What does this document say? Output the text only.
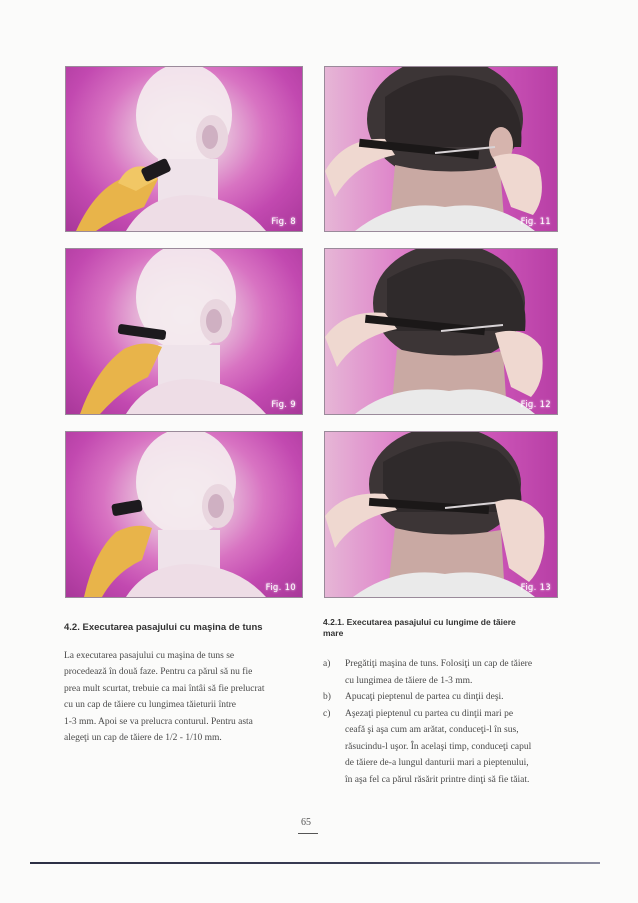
Fig. 8
Fig. 9
Fig. 10
Fig. 11
Fig. 12
Fig. 13
4.2. Executarea pasajului cu maşina de tuns
La executarea pasajului cu maşina de tuns se
procedează în două faze. Pentru ca părul să nu fie
prea mult scurtat, trebuie ca mai întâi să fie prelucrat
cu un cap de tăiere cu lungimea tăieturii între
1-3 mm. Apoi se va prelucra conturul. Pentru asta
alegeţi un cap de tăiere de 1/2 - 1/10 mm.
4.2.1. Executarea pasajului cu lungime de tăiere
mare
a) Pregătiţi maşina de tuns. Folosiţi un cap de tăiere
cu lungimea de tăiere de 1-3 mm.
b) Apucaţi pieptenul de partea cu dinţii deşi.
c) Aşezaţi pieptenul cu partea cu dinţii mari pe
ceafă şi aşa cum am arătat, conduceţi-l în sus,
răsucindu-l uşor. În acelaşi timp, conduceţi capul
de tăiere de-a lungul danturii mari a pieptenului,
în aşa fel ca părul răsărit printre dinţi să fie tăiat.
65
